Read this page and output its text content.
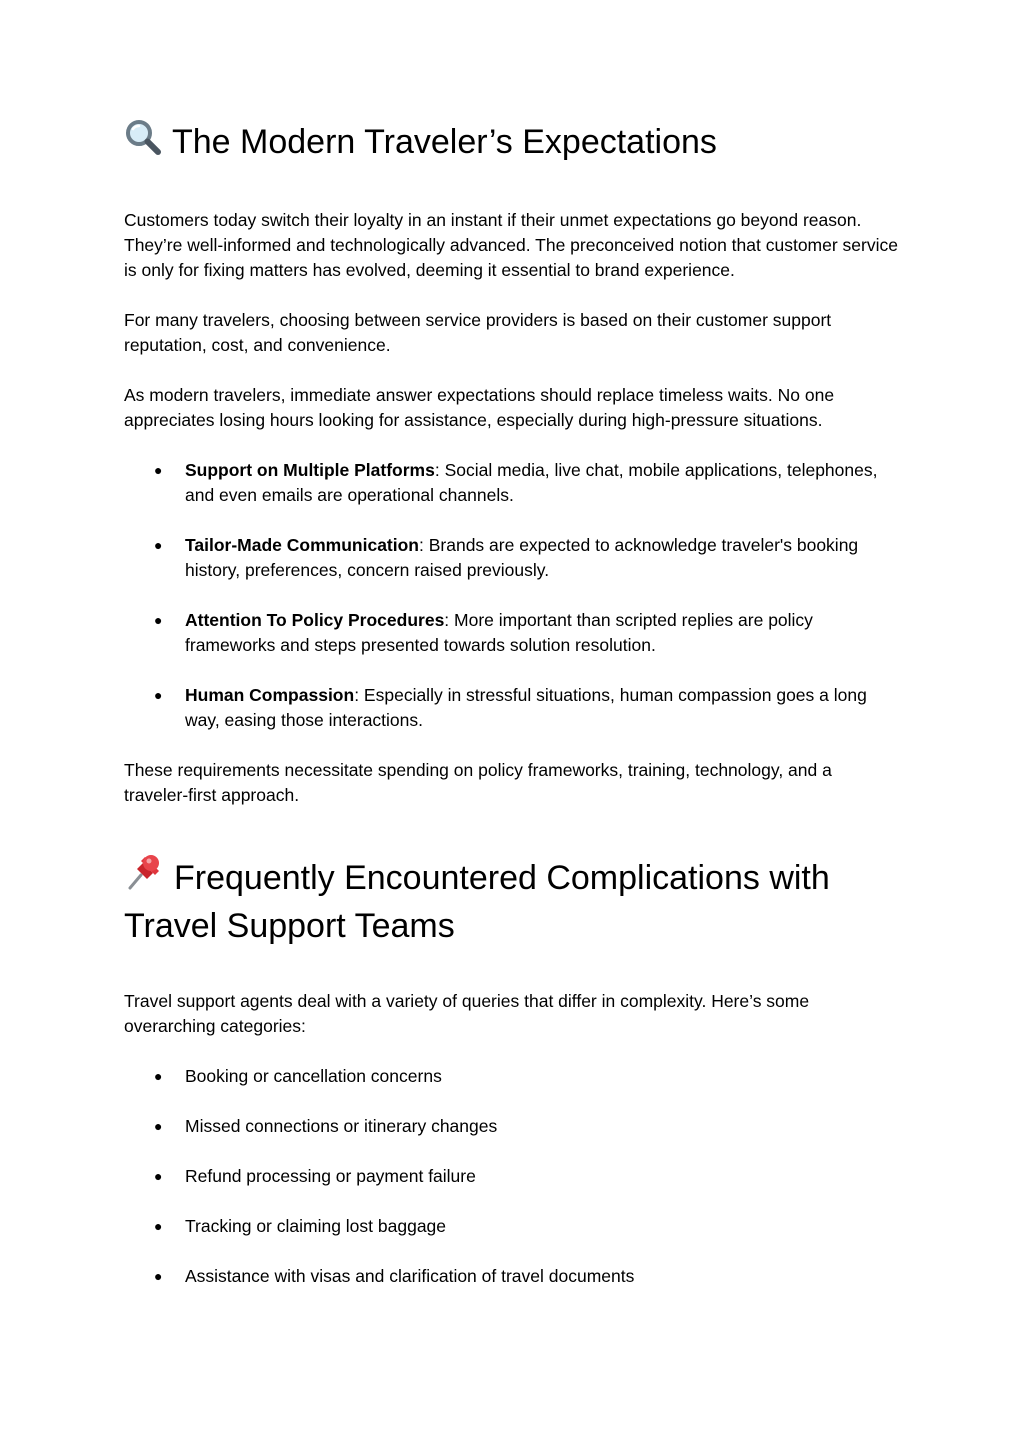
The Modern Traveler’s Expectations

Customers today switch their loyalty in an instant if their unmet expectations go beyond reason. They’re well-informed and technologically advanced. The preconceived notion that customer service is only for fixing matters has evolved, deeming it essential to brand experience.

For many travelers, choosing between service providers is based on their customer support reputation, cost, and convenience.

As modern travelers, immediate answer expectations should replace timeless waits. No one appreciates losing hours looking for assistance, especially during high-pressure situations.

● Support on Multiple Platforms: Social media, live chat, mobile applications, telephones, and even emails are operational channels.
● Tailor-Made Communication: Brands are expected to acknowledge traveler's booking history, preferences, concern raised previously.
● Attention To Policy Procedures: More important than scripted replies are policy frameworks and steps presented towards solution resolution.
● Human Compassion: Especially in stressful situations, human compassion goes a long way, easing those interactions.

These requirements necessitate spending on policy frameworks, training, technology, and a traveler-first approach.

Frequently Encountered Complications with Travel Support Teams

Travel support agents deal with a variety of queries that differ in complexity. Here’s some overarching categories:

● Booking or cancellation concerns
● Missed connections or itinerary changes
● Refund processing or payment failure
● Tracking or claiming lost baggage
● Assistance with visas and clarification of travel documents
